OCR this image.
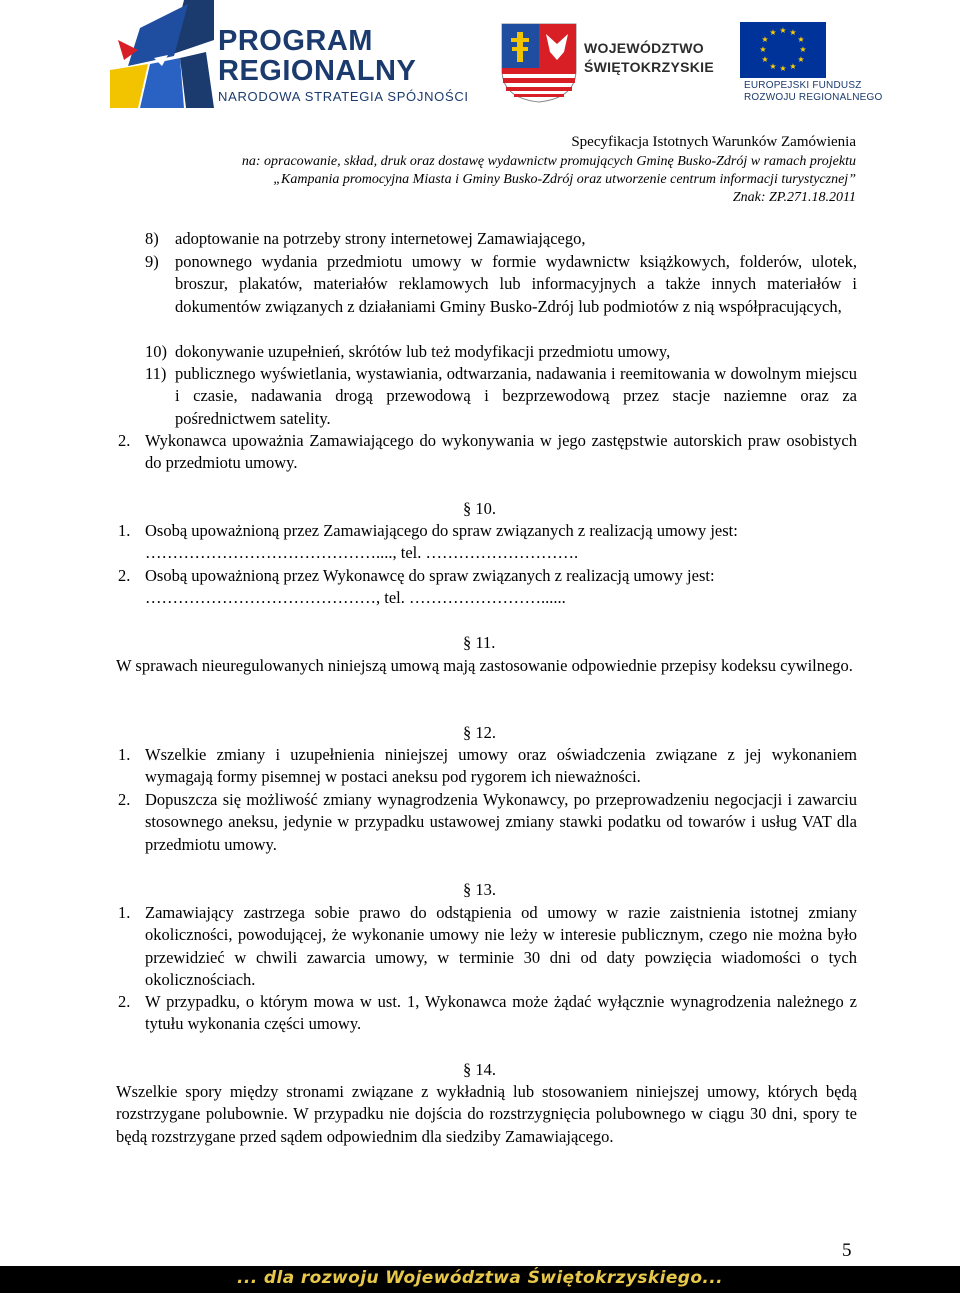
PROGRAM
REGIONALNY
NARODOWA STRATEGIA SPÓJNOŚCI
WOJEWÓDZTWO
ŚWIĘTOKRZYSKIE
★ ★
★
★
★
★
★
★
★
★
★
★
EUROPEJSKI FUNDUSZ
ROZWOJU REGIONALNEGO
Specyfikacja Istotnych Warunków Zamówienia
na: opracowanie, skład, druk oraz dostawę wydawnictw promujących Gminę Busko-Zdrój w ramach projektu
„Kampania promocyjna Miasta i Gminy Busko-Zdrój oraz utworzenie centrum informacji turystycznej”
Znak: ZP.271.18.2011
8) adoptowanie na potrzeby strony internetowej Zamawiającego,

9) ponownego wydania przedmiotu umowy w formie wydawnictw książkowych, folderów, ulotek, broszur, plakatów, materiałów reklamowych lub informacyjnych a także innych materiałów i dokumentów związanych z działaniami Gminy Busko-Zdrój lub podmiotów z nią współpracujących,

10) dokonywanie uzupełnień, skrótów lub też modyfikacji przedmiotu umowy,

11) publicznego wyświetlania, wystawiania, odtwarzania, nadawania i reemitowania w dowolnym miejscu i czasie, nadawania drogą przewodową i bezprzewodową przez stacje naziemne oraz za pośrednictwem satelity.

2. Wykonawca upoważnia Zamawiającego do wykonywania w jego zastępstwie autorskich praw osobistych do przedmiotu umowy.

§ 10.
1. Osobą upoważnioną przez Zamawiającego do spraw związanych z realizacją umowy jest:

……………………………………...., tel. ……………………….
2. Osobą upoważnioną przez Wykonawcę do spraw związanych z realizacją umowy jest:

……………………………………, tel. ……………………......
§ 11.

W sprawach nieuregulowanych niniejszą umową mają zastosowanie odpowiednie przepisy kodeksu cywilnego.

§ 12.
1. Wszelkie zmiany i uzupełnienia niniejszej umowy oraz oświadczenia związane z jej wykonaniem wymagają formy pisemnej w postaci aneksu pod rygorem ich nieważności.

2. Dopuszcza się możliwość zmiany wynagrodzenia Wykonawcy, po przeprowadzeniu negocjacji i zawarciu stosownego aneksu, jedynie w przypadku ustawowej zmiany stawki podatku od towarów i usług VAT dla przedmiotu umowy.

§ 13.
1. Zamawiający zastrzega sobie prawo do odstąpienia od umowy w razie zaistnienia istotnej zmiany okoliczności, powodującej, że wykonanie umowy nie leży w interesie publicznym, czego nie można było przewidzieć w chwili zawarcia umowy, w terminie 30 dni od daty powzięcia wiadomości o tych okolicznościach.

2. W przypadku, o którym mowa w ust. 1, Wykonawca może żądać wyłącznie wynagrodzenia należnego z tytułu wykonania części umowy.

§ 14.

Wszelkie spory między stronami związane z wykładnią lub stosowaniem niniejszej umowy, których będą rozstrzygane polubownie. W przypadku nie dojścia do rozstrzygnięcia polubownego w ciągu 30 dni, spory te będą rozstrzygane przed sądem odpowiednim dla siedziby Zamawiającego.

5
... dla rozwoju Województwa Świętokrzyskiego...
